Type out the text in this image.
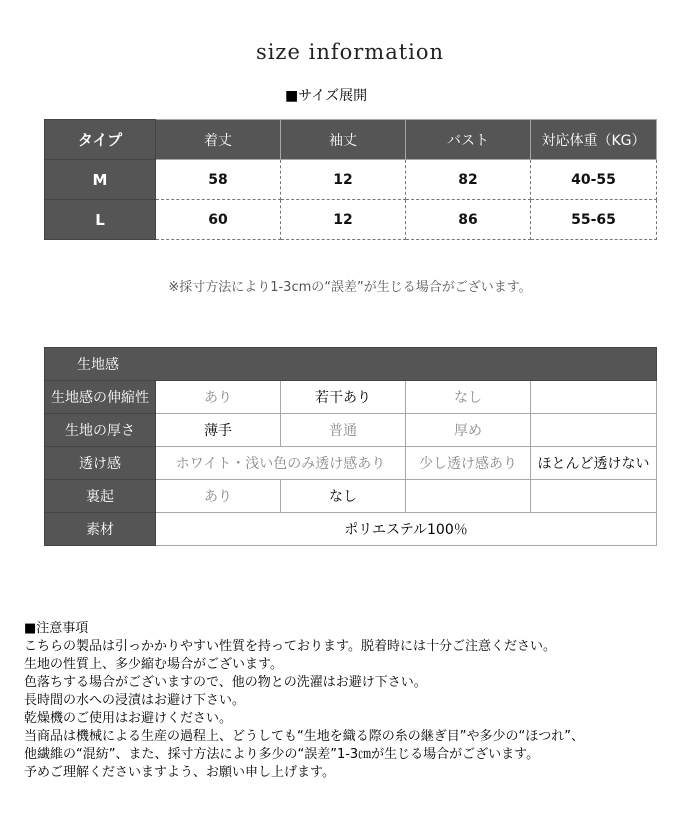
size information
■サイズ展開
タイプ	着丈	袖丈	バスト	対応体重（KG）
M	58	12	82	40-55
L	60	12	86	55-65
※採寸方法により1-3cmの“誤差”が生じる場合がございます。
生地感				
生地感の伸縮性	あり	若干あり	なし	
生地の厚さ	薄手	普通	厚め	
透け感	ホワイト・浅い色のみ透け感あり		少し透け感あり	ほとんど透けない
裏起	あり	なし		
素材	ポリエステル100％			
■注意事項
こちらの製品は引っかかりやすい性質を持っております。脱着時には十分ご注意ください。
生地の性質上、多少縮む場合がございます。
色落ちする場合がございますので、他の物との洗濯はお避け下さい。
長時間の水への浸漬はお避け下さい。
乾燥機のご使用はお避けください。
当商品は機械による生産の過程上、どうしても“生地を織る際の糸の継ぎ目”や多少の“ほつれ”、
他繊維の“混紡”、また、採寸方法により多少の“誤差”1-3㎝が生じる場合がございます。
予めご理解くださいますよう、お願い申し上げます。
